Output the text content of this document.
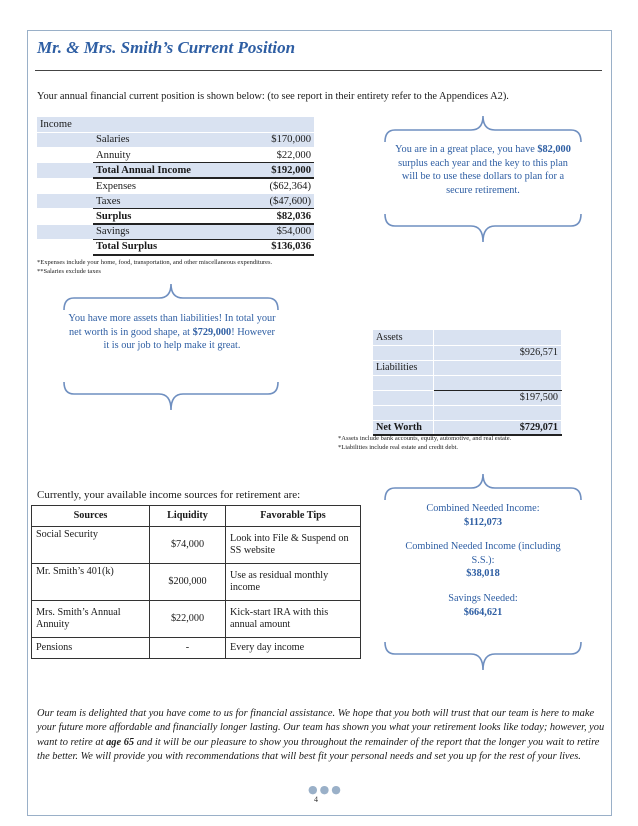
Mr. & Mrs. Smith’s Current Position
Your annual financial current position is shown below: (to see report in their entirety refer to the Appendices A2).
Income		
	Salaries	$170,000
	Annuity	$22,000
	Total Annual Income	$192,000
	Expenses	($62,364)
	Taxes	($47,600)
	Surplus	$82,036
	Savings	$54,000
	Total Surplus	$136,036
*Expenses include your home, food, transportation, and other miscellaneous expenditures.
**Salaries exclude taxes
You are in a great place, you have $82,000 surplus each year and the key to this plan will be to use these dollars to plan for a secure retirement.
You have more assets than liabilities! In total your net worth is in good shape, at $729,000! However it is our job to help make it great.
Assets	
	$926,571
Liabilities	

	$197,500

Net Worth	$729,071
*Assets include bank accounts, equity, automotive, and real estate.
*Liabilities include real estate and credit debt.
Currently, your available income sources for retirement are:
Sources	Liquidity	Favorable Tips
Social Security	$74,000	Look into File & Suspend on SS website
Mr. Smith’s 401(k)	$200,000	Use as residual monthly income
Mrs. Smith’s Annual Annuity	$22,000	Kick-start IRA with this annual amount
Pensions	-	Every day income
Combined Needed Income:
$112,073
Combined Needed Income (including S.S.):
$38,018
Savings Needed:
$664,621
Our team is delighted that you have come to us for financial assistance. We hope that you both will trust that our team is here to make your future more affordable and financially longer lasting. Our team has shown you what your retirement looks like today; however, you want to retire at age 65 and it will be our pleasure to show you throughout the remainder of the report that the longer you wait to retire the better. We will provide you with recommendations that will best fit your personal needs and set you up for the rest of your lives.
●●●
4
